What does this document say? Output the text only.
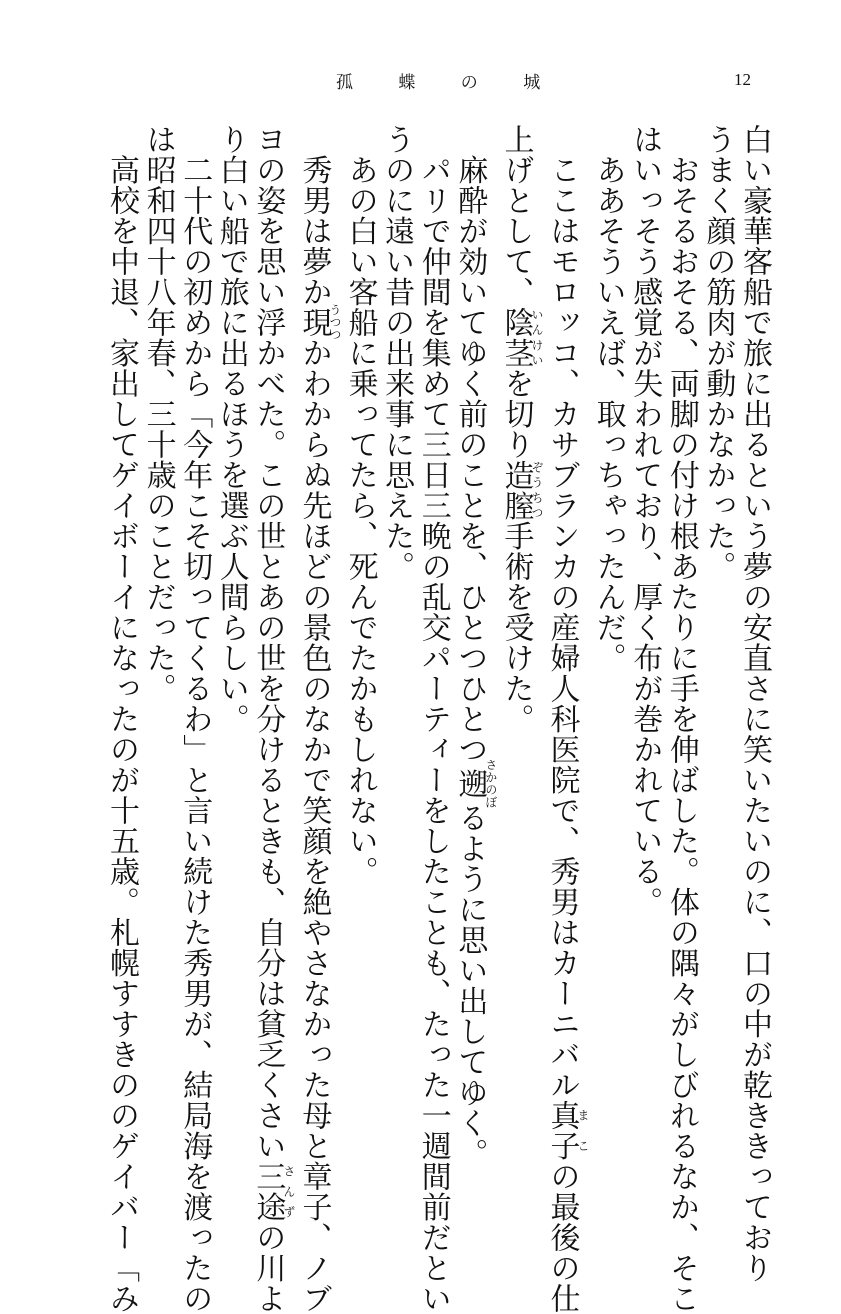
孤 蝶 の 城	12
白い豪華客船で旅に出るという夢の安直さに笑いたいのに、口の中が乾ききっており
うまく顔の筋肉が動かなかった。
　おそるおそる、両脚の付け根あたりに手を伸ばした。体の隅々がしびれるなか、そこ
はいっそう感覚が失われており、厚く布が巻かれている。
　ああそういえば、取っちゃったんだ。
　ここはモロッコ、カサブランカの産婦人科医院で、秀男はカーニバル真子まこの最後の仕
上げとして、陰茎いんけいを切り造膣ぞうちつ手術を受けた。
　麻酔が効いてゆく前のことを、ひとつひとつ遡さかのぼるように思い出してゆく。
　パリで仲間を集めて三日三晩の乱交パーティーをしたことも、たった一週間前だとい
うのに遠い昔の出来事に思えた。
　あの白い客船に乗ってたら、死んでたかもしれない。
　秀男は夢か現うつつかわからぬ先ほどの景色のなかで笑顔を絶やさなかった母と章子、ノブ
ヨの姿を思い浮かべた。この世とあの世を分けるときも、自分は貧乏くさい三途さんずの川よ
り白い船で旅に出るほうを選ぶ人間らしい。
　二十代の初めから「今年こそ切ってくるわ」と言い続けた秀男が、結局海を渡ったの
は昭和四十八年春、三十歳のことだった。
　高校を中退、家出してゲイボーイになったのが十五歳。札幌すすきののゲイバー「み
